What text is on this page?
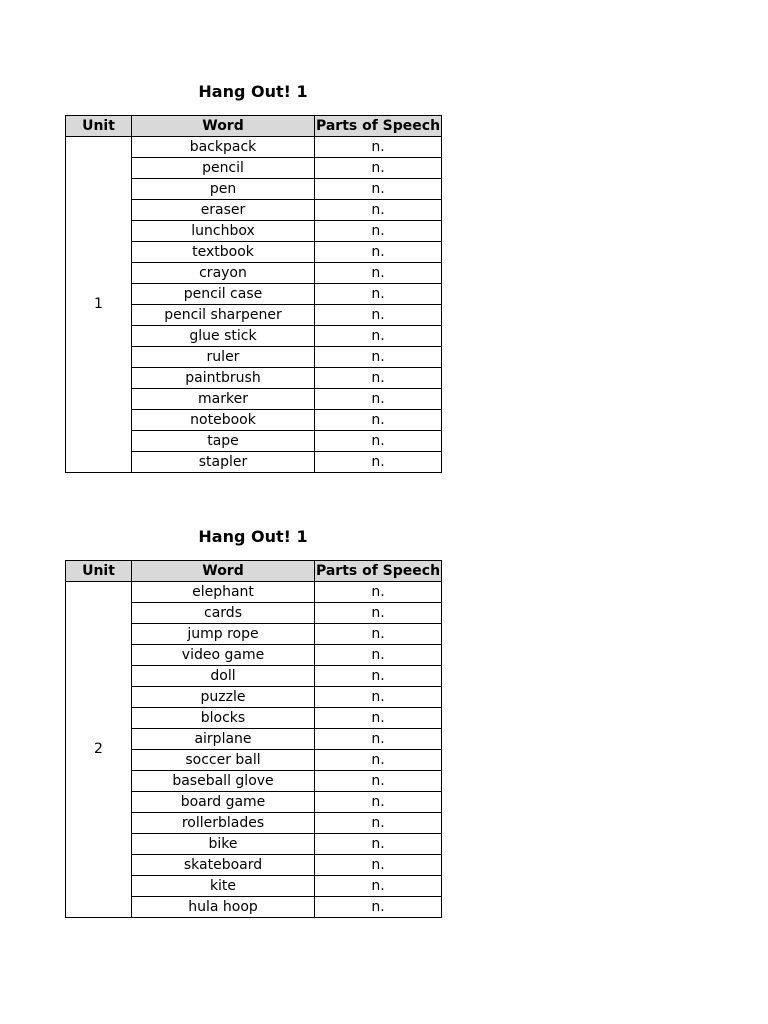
Hang Out! 1
Unit	Word	Parts of Speech
1	backpack	n.
	pencil	n.
	pen	n.
	eraser	n.
	lunchbox	n.
	textbook	n.
	crayon	n.
	pencil case	n.
	pencil sharpener	n.
	glue stick	n.
	ruler	n.
	paintbrush	n.
	marker	n.
	notebook	n.
	tape	n.
	stapler	n.
Hang Out! 1
Unit	Word	Parts of Speech
2	elephant	n.
	cards	n.
	jump rope	n.
	video game	n.
	doll	n.
	puzzle	n.
	blocks	n.
	airplane	n.
	soccer ball	n.
	baseball glove	n.
	board game	n.
	rollerblades	n.
	bike	n.
	skateboard	n.
	kite	n.
	hula hoop	n.
